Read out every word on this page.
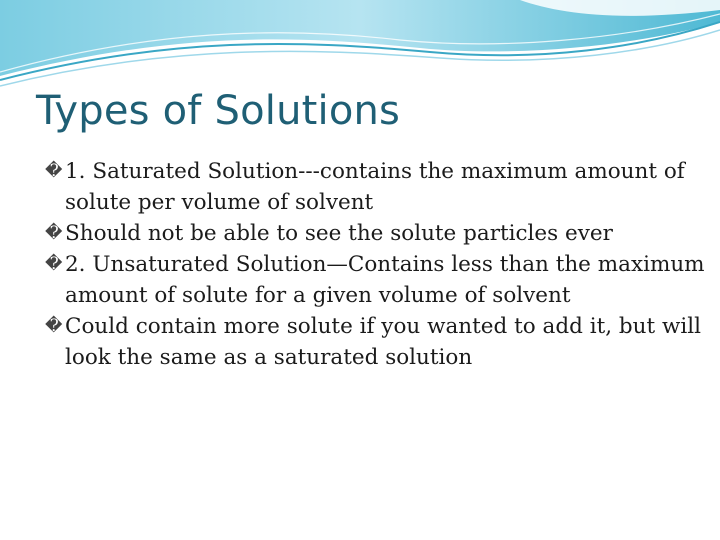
Types of Solutions
� 1. Saturated Solution---contains the maximum amount of solute per volume of solvent
� Should not be able to see the solute particles ever
� 2. Unsaturated Solution—Contains less than the maximum amount of solute for a given volume of solvent
� Could contain more solute if you wanted to add it, but will look the same as a saturated solution
